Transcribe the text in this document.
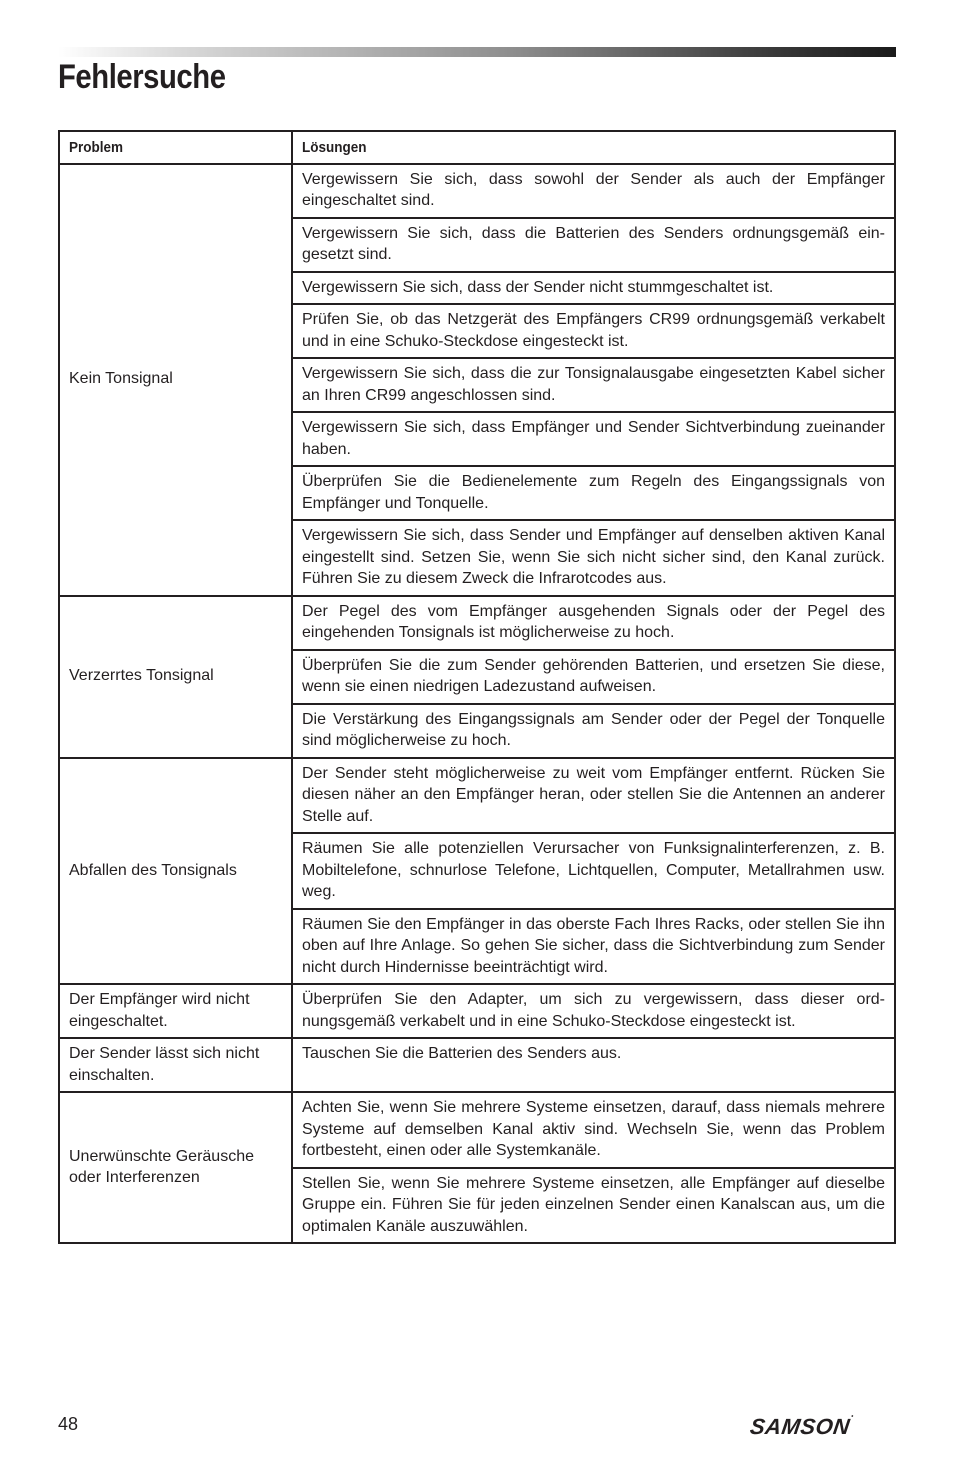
Fehlersuche
Problem	Lösungen
Kein Tonsignal	Vergewissern Sie sich, dass sowohl der Sender als auch der Empfänger eingeschaltet sind.
	Vergewissern Sie sich, dass die Batterien des Senders ordnungsgemäß eingesetzt sind.
	Vergewissern Sie sich, dass der Sender nicht stummgeschaltet ist.
	Prüfen Sie, ob das Netzgerät des Empfängers CR99 ordnungsgemäß verkabelt und in eine Schuko-Steckdose eingesteckt ist.
	Vergewissern Sie sich, dass die zur Tonsignalausgabe eingesetzten Kabel sicher an Ihren CR99 angeschlossen sind.
	Vergewissern Sie sich, dass Empfänger und Sender Sichtverbindung zueinander haben.
	Überprüfen Sie die Bedienelemente zum Regeln des Eingangssignals von Empfänger und Tonquelle.
	Vergewissern Sie sich, dass Sender und Empfänger auf denselben aktiven Kanal eingestellt sind. Setzen Sie, wenn Sie sich nicht sicher sind, den Kanal zurück. Führen Sie zu diesem Zweck die Infrarotcodes aus.
Verzerrtes Tonsignal	Der Pegel des vom Empfänger ausgehenden Signals oder der Pegel des eingehenden Tonsignals ist möglicherweise zu hoch.
	Überprüfen Sie die zum Sender gehörenden Batterien, und ersetzen Sie diese, wenn sie einen niedrigen Ladezustand aufweisen.
	Die Verstärkung des Eingangssignals am Sender oder der Pegel der Tonquelle sind möglicherweise zu hoch.
Abfallen des Tonsignals	Der Sender steht möglicherweise zu weit vom Empfänger entfernt. Rücken Sie diesen näher an den Empfänger heran, oder stellen Sie die Antennen an anderer Stelle auf.
	Räumen Sie alle potenziellen Verursacher von Funksignalinterferenzen, z. B. Mobiltelefone, schnurlose Telefone, Lichtquellen, Computer, Metallrahmen usw. weg.
	Räumen Sie den Empfänger in das oberste Fach Ihres Racks, oder stellen Sie ihn oben auf Ihre Anlage. So gehen Sie sicher, dass die Sichtverbindung zum Sender nicht durch Hindernisse beeinträchtigt wird.
Der Empfänger wird nicht eingeschaltet.	Überprüfen Sie den Adapter, um sich zu vergewissern, dass dieser ordnungsgemäß verkabelt und in eine Schuko-Steckdose eingesteckt ist.
Der Sender lässt sich nicht einschalten.	Tauschen Sie die Batterien des Senders aus.
Unerwünschte Geräusche oder Interferenzen	Achten Sie, wenn Sie mehrere Systeme einsetzen, darauf, dass niemals mehrere Systeme auf demselben Kanal aktiv sind. Wechseln Sie, wenn das Problem fortbesteht, einen oder alle Systemkanäle.
	Stellen Sie, wenn Sie mehrere Systeme einsetzen, alle Empfänger auf dieselbe Gruppe ein. Führen Sie für jeden einzelnen Sender einen Kanalscan aus, um die optimalen Kanäle auszuwählen.
48	SAMSON•
